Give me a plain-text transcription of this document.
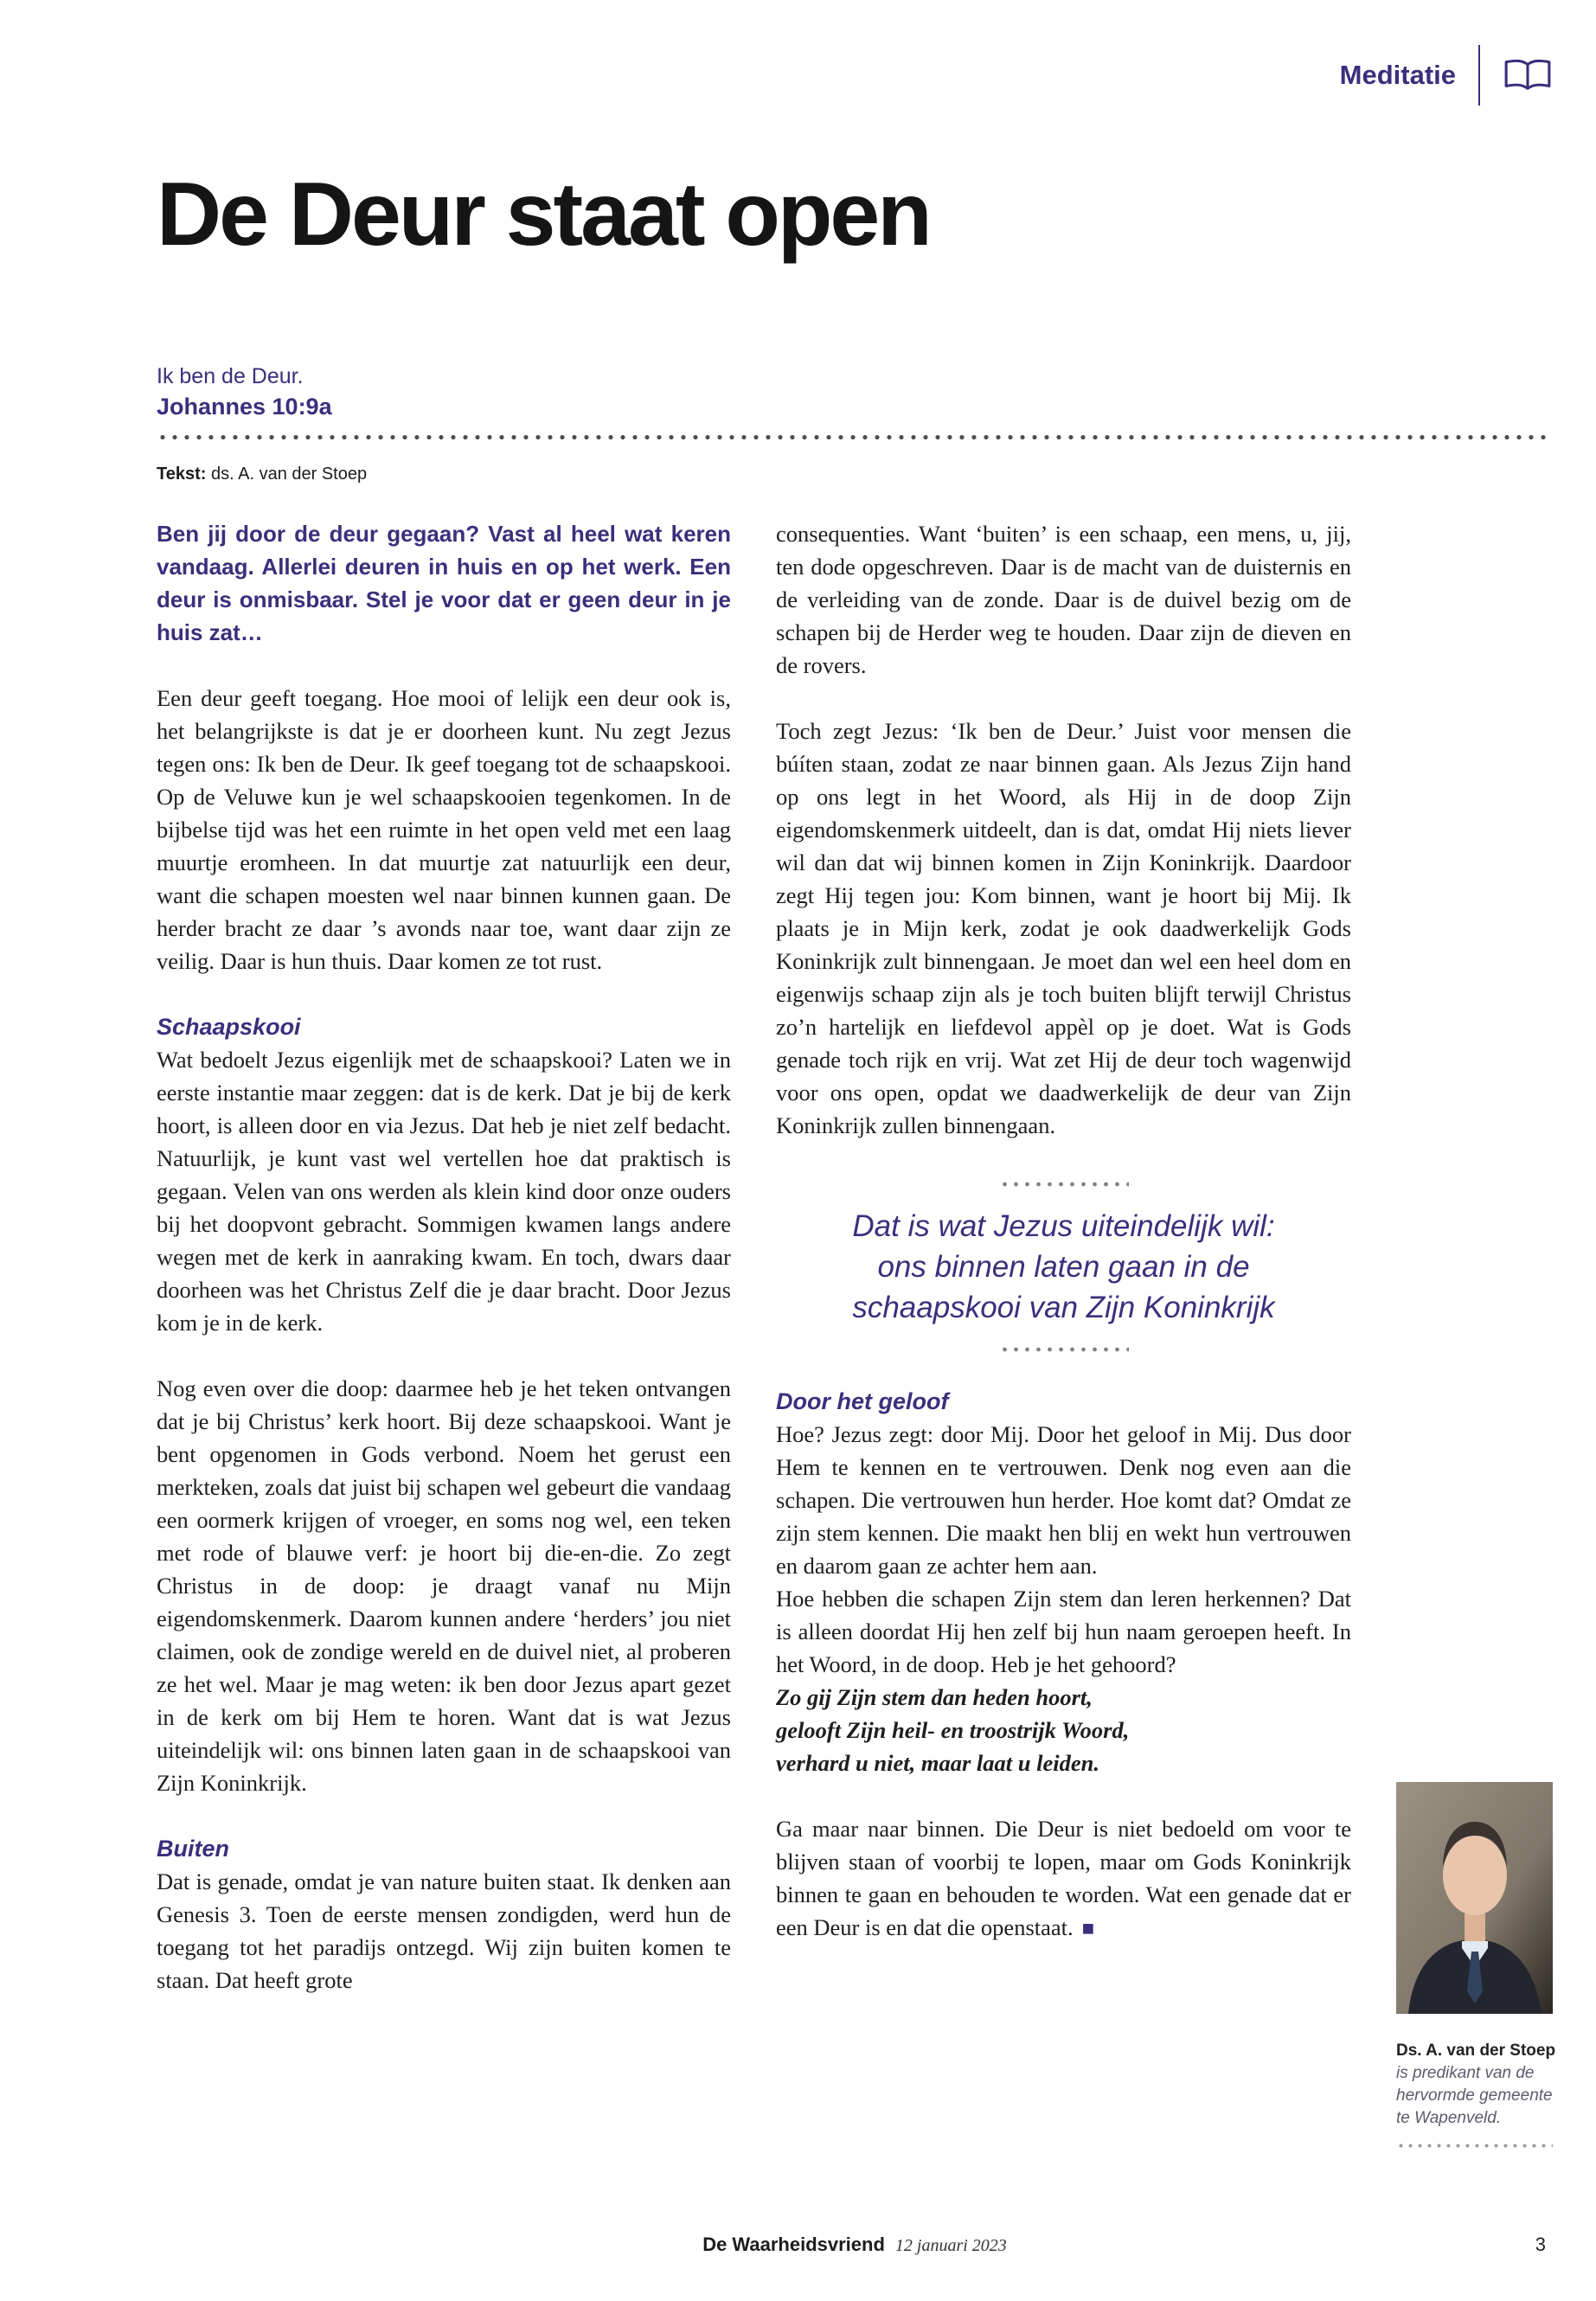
Meditatie
De Deur staat open
Ik ben de Deur.
Johannes 10:9a
Tekst: ds. A. van der Stoep

Ben jij door de deur gegaan? Vast al heel wat keren vandaag. Allerlei deuren in huis en op het werk. Een deur is onmisbaar. Stel je voor dat er geen deur in je huis zat…

Een deur geeft toegang. Hoe mooi of lelijk een deur ook is, het belangrijkste is dat je er doorheen kunt. Nu zegt Jezus tegen ons: Ik ben de Deur. Ik geef toegang tot de schaapskooi. Op de Veluwe kun je wel schaapskooien tegenkomen. In de bijbelse tijd was het een ruimte in het open veld met een laag muurtje eromheen. In dat muurtje zat natuurlijk een deur, want die schapen moesten wel naar binnen kunnen gaan. De herder bracht ze daar ’s avonds naar toe, want daar zijn ze veilig. Daar is hun thuis. Daar komen ze tot rust.

Schaapskooi

Wat bedoelt Jezus eigenlijk met de schaapskooi? Laten we in eerste instantie maar zeggen: dat is de kerk. Dat je bij de kerk hoort, is alleen door en via Jezus. Dat heb je niet zelf bedacht. Natuurlijk, je kunt vast wel vertellen hoe dat praktisch is gegaan. Velen van ons werden als klein kind door onze ouders bij het doopvont gebracht. Sommigen kwamen langs andere wegen met de kerk in aanraking kwam. En toch, dwars daar doorheen was het Christus Zelf die je daar bracht. Door Jezus kom je in de kerk.

Nog even over die doop: daarmee heb je het teken ontvangen dat je bij Christus’ kerk hoort. Bij deze schaapskooi. Want je bent opgenomen in Gods verbond. Noem het gerust een merkteken, zoals dat juist bij schapen wel gebeurt die vandaag een oormerk krijgen of vroeger, en soms nog wel, een teken met rode of blauwe verf: je hoort bij die-en-die. Zo zegt Christus in de doop: je draagt vanaf nu Mijn eigendomskenmerk. Daarom kunnen andere ‘herders’ jou niet claimen, ook de zondige wereld en de duivel niet, al proberen ze het wel. Maar je mag weten: ik ben door Jezus apart gezet in de kerk om bij Hem te horen. Want dat is wat Jezus uiteindelijk wil: ons binnen laten gaan in de schaapskooi van Zijn Koninkrijk.

Buiten

Dat is genade, omdat je van nature buiten staat. Ik denken aan Genesis 3. Toen de eerste mensen zondigden, werd hun de toegang tot het paradijs ontzegd. Wij zijn buiten komen te staan. Dat heeft grote

consequenties. Want ‘buiten’ is een schaap, een mens, u, jij, ten dode opgeschreven. Daar is de macht van de duisternis en de verleiding van de zonde. Daar is de duivel bezig om de schapen bij de Herder weg te houden. Daar zijn de dieven en de rovers.

Toch zegt Jezus: ‘Ik ben de Deur.’ Juist voor mensen die búíten staan, zodat ze naar binnen gaan. Als Jezus Zijn hand op ons legt in het Woord, als Hij in de doop Zijn eigendomskenmerk uitdeelt, dan is dat, omdat Hij niets liever wil dan dat wij binnen komen in Zijn Koninkrijk. Daardoor zegt Hij tegen jou: Kom binnen, want je hoort bij Mij. Ik plaats je in Mijn kerk, zodat je ook daadwerkelijk Gods Koninkrijk zult binnengaan. Je moet dan wel een heel dom en eigenwijs schaap zijn als je toch buiten blijft terwijl Christus zo’n hartelijk en liefdevol appèl op je doet. Wat is Gods genade toch rijk en vrij. Wat zet Hij de deur toch wagenwijd voor ons open, opdat we daadwerkelijk de deur van Zijn Koninkrijk zullen binnengaan.

Dat is wat Jezus uiteindelijk wil:
ons binnen laten gaan in de
schaapskooi van Zijn Koninkrijk
Door het geloof

Hoe? Jezus zegt: door Mij. Door het geloof in Mij. Dus door Hem te kennen en te vertrouwen. Denk nog even aan die schapen. Die vertrouwen hun herder. Hoe komt dat? Omdat ze zijn stem kennen. Die maakt hen blij en wekt hun vertrouwen en daarom gaan ze achter hem aan.

Hoe hebben die schapen Zijn stem dan leren herkennen? Dat is alleen doordat Hij hen zelf bij hun naam geroepen heeft. In het Woord, in de doop. Heb je het gehoord?

Zo gij Zijn stem dan heden hoort,
gelooft Zijn heil- en troostrijk Woord,
verhard u niet, maar laat u leiden.

Ga maar naar binnen. Die Deur is niet bedoeld om voor te blijven staan of voorbij te lopen, maar om Gods Koninkrijk binnen te gaan en behouden te worden. Wat een genade dat er een Deur is en dat die openstaat. ■

Ds. A. van der Stoep
is predikant van de hervormde gemeente te Wapenveld.
De Waarheidsvriend 12 januari 2023	3
